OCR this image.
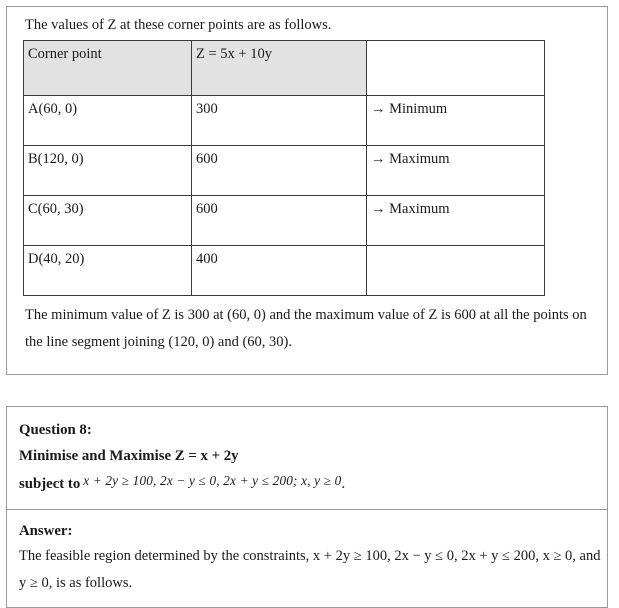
The values of Z at these corner points are as follows.
Corner point	Z = 5x + 10y	
A(60, 0)	300	→ Minimum
B(120, 0)	600	→ Maximum
C(60, 30)	600	→ Maximum
D(40, 20)	400	
The minimum value of Z is 300 at (60, 0) and the maximum value of Z is 600 at all the points on the line segment joining (120, 0) and (60, 30).
Question 8:
Minimise and Maximise Z = x + 2y
subject to x + 2y ≥ 100, 2x − y ≤ 0, 2x + y ≤ 200; x, y ≥ 0.
Answer:
The feasible region determined by the constraints, x + 2y ≥ 100, 2x − y ≤ 0, 2x + y ≤ 200, x ≥ 0, and y ≥ 0, is as follows.
